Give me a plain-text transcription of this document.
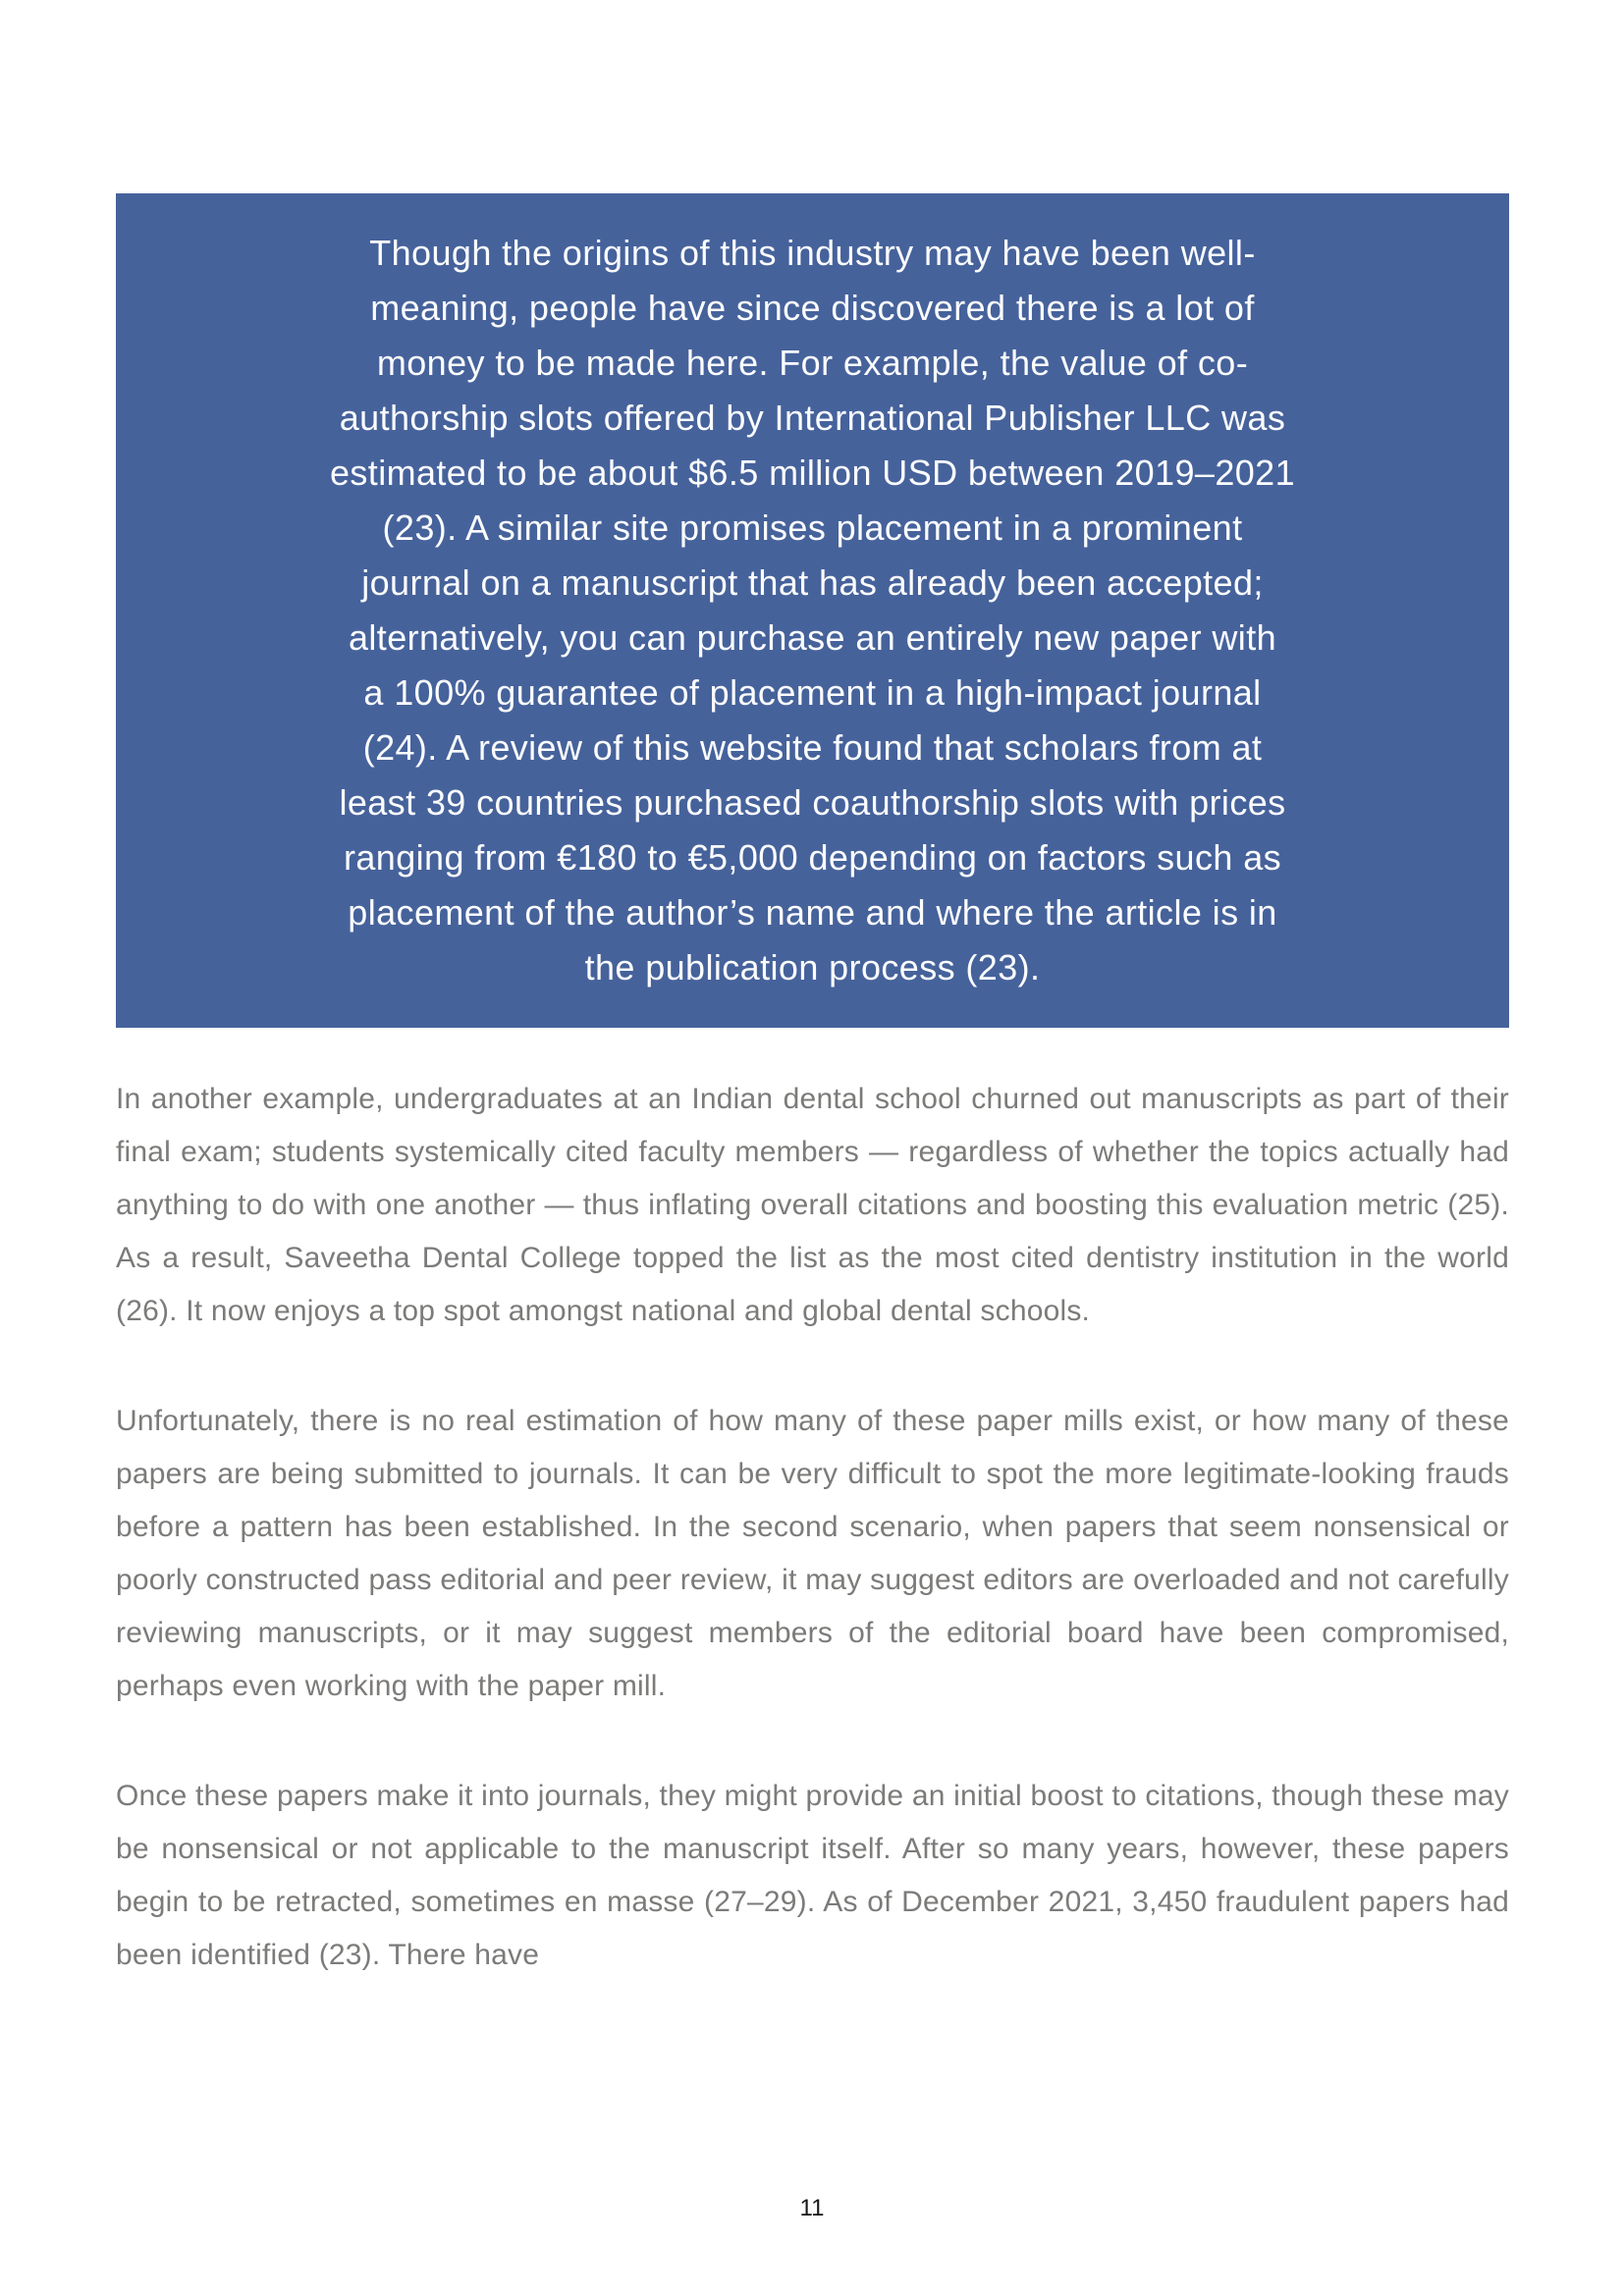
Though the origins of this industry may have been well-
meaning, people have since discovered there is a lot of
money to be made here. For example, the value of co-
authorship slots offered by International Publisher LLC was
estimated to be about $6.5 million USD between 2019–2021
(23). A similar site promises placement in a prominent
journal on a manuscript that has already been accepted;
alternatively, you can purchase an entirely new paper with
a 100% guarantee of placement in a high-impact journal
(24). A review of this website found that scholars from at
least 39 countries purchased coauthorship slots with prices
ranging from €180 to €5,000 depending on factors such as
placement of the author’s name and where the article is in
the publication process (23).

In another example, undergraduates at an Indian dental school churned out manuscripts as part of their final exam; students systemically cited faculty members — regardless of whether the topics actually had anything to do with one another — thus inflating overall citations and boosting this evaluation metric (25). As a result, Saveetha Dental College topped the list as the most cited dentistry institution in the world (26). It now enjoys a top spot amongst national and global dental schools.

Unfortunately, there is no real estimation of how many of these paper mills exist, or how many of these papers are being submitted to journals. It can be very difficult to spot the more legitimate-looking frauds before a pattern has been established. In the second scenario, when papers that seem nonsensical or poorly constructed pass editorial and peer review, it may suggest editors are overloaded and not carefully reviewing manuscripts, or it may suggest members of the editorial board have been compromised, perhaps even working with the paper mill.

Once these papers make it into journals, they might provide an initial boost to citations, though these may be nonsensical or not applicable to the manuscript itself. After so many years, however, these papers begin to be retracted, sometimes en masse (27–29). As of December 2021, 3,450 fraudulent papers had been identified (23). There have

11
